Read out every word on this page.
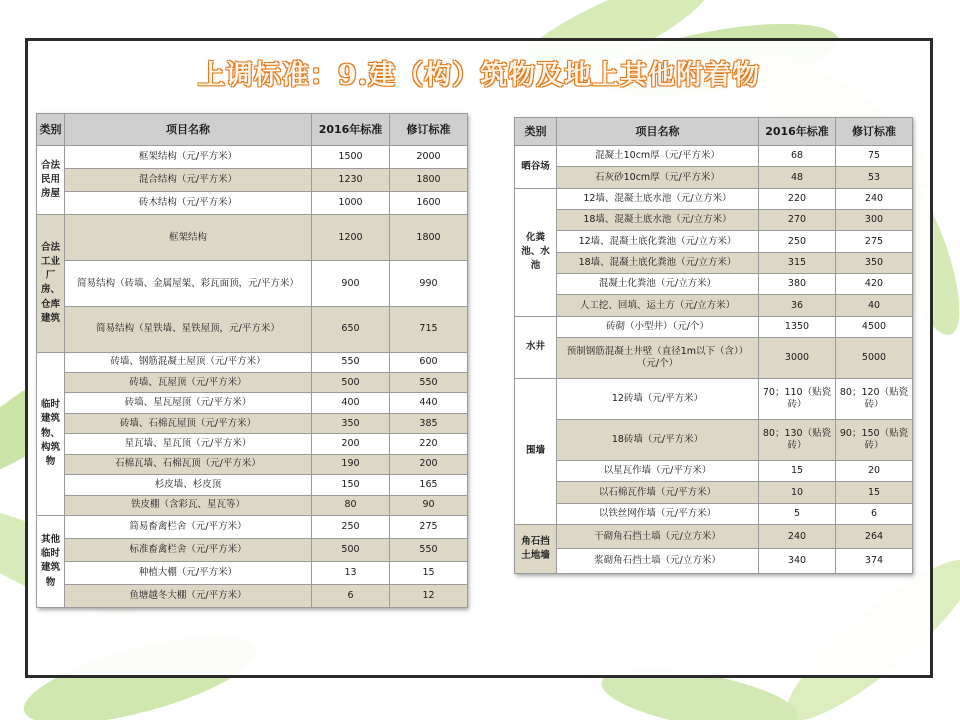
上调标准：9.建（构）筑物及地上其他附着物
类别	项目名称	2016年标准	修订标准
合法民用房屋	框架结构（元/平方米）	1500	2000
	混合结构（元/平方米）	1230	1800
	砖木结构（元/平方米）	1000	1600
合法工业厂房、仓库建筑	框架结构	1200	1800
	简易结构（砖墙、金属屋架、彩瓦面顶，元/平方米）	900	990
	简易结构（星铁墙、星铁屋顶，元/平方米）	650	715
临时建筑物、构筑物	砖墙、钢筋混凝土屋顶（元/平方米）	550	600
	砖墙、瓦屋顶（元/平方米）	500	550
	砖墙、星瓦屋顶（元/平方米）	400	440
	砖墙、石棉瓦屋顶（元/平方米）	350	385
	星瓦墙、星瓦顶（元/平方米）	200	220
	石棉瓦墙、石棉瓦顶（元/平方米）	190	200
	杉皮墙、杉皮顶	150	165
	铁皮棚（含彩瓦、星瓦等）	80	90
其他临时建筑物	简易畜禽栏舍（元/平方米）	250	275
	标准畜禽栏舍（元/平方米）	500	550
	种植大棚（元/平方米）	13	15
	鱼塘越冬大棚（元/平方米）	6	12
类别	项目名称	2016年标准	修订标准
晒谷场	混凝土10cm厚（元/平方米）	68	75
	石灰砂10cm厚（元/平方米）	48	53
化粪池、水池	12墙、混凝土底水池（元/立方米）	220	240
	18墙、混凝土底水池（元/立方米）	270	300
	12墙、混凝土底化粪池（元/立方米）	250	275
	18墙、混凝土底化粪池（元/立方米）	315	350
	混凝土化粪池（元/立方米）	380	420
	人工挖、回填、运土方（元/立方米）	36	40
水井	砖砌（小型井）（元/个）	1350	4500
	预制钢筋混凝土井壁（直径1m以下（含））（元/个）	3000	5000
围墙	12砖墙（元/平方米）	70；110（贴瓷砖）	80；120（贴瓷砖）
	18砖墙（元/平方米）	80；130（贴瓷砖）	90；150（贴瓷砖）
	以星瓦作墙（元/平方米）	15	20
	以石棉瓦作墙（元/平方米）	10	15
	以铁丝网作墙（元/平方米）	5	6
角石挡土地墙	干砌角石挡土墙（元/立方米）	240	264
	浆砌角石挡土墙（元/立方米）	340	374
